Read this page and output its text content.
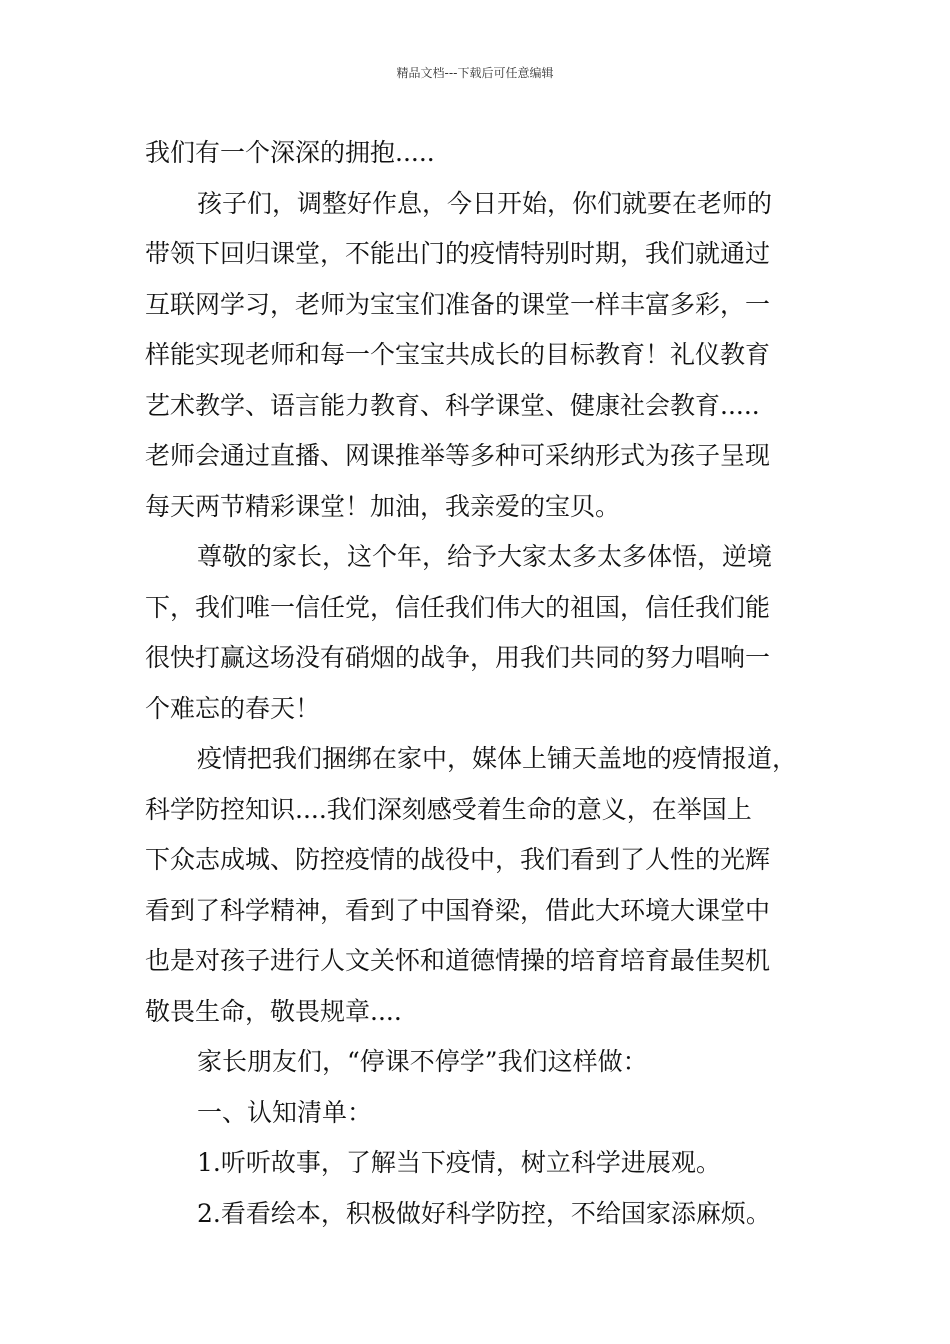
精品文档---下载后可任意编辑
我们有一个深深的拥抱.....
孩子们，调整好作息，今日开始，你们就要在老师的
带领下回归课堂，不能出门的疫情特别时期，我们就通过
互联网学习，老师为宝宝们准备的课堂一样丰富多彩，一
样能实现老师和每一个宝宝共成长的目标教育！礼仪教育
艺术教学、语言能力教育、科学课堂、健康社会教育.....
老师会通过直播、网课推举等多种可采纳形式为孩子呈现
每天两节精彩课堂！加油，我亲爱的宝贝。
尊敬的家长，这个年，给予大家太多太多体悟，逆境
下，我们唯一信任党，信任我们伟大的祖国，信任我们能
很快打赢这场没有硝烟的战争，用我们共同的努力唱响一
个难忘的春天！
疫情把我们捆绑在家中，媒体上铺天盖地的疫情报道，
科学防控知识....我们深刻感受着生命的意义，在举国上
下众志成城、防控疫情的战役中，我们看到了人性的光辉
看到了科学精神，看到了中国脊梁，借此大环境大课堂中
也是对孩子进行人文关怀和道德情操的培育培育最佳契机
敬畏生命，敬畏规章....
家长朋友们，“停课不停学”我们这样做：
一、认知清单：
1.听听故事，了解当下疫情，树立科学进展观。
2.看看绘本，积极做好科学防控，不给国家添麻烦。
